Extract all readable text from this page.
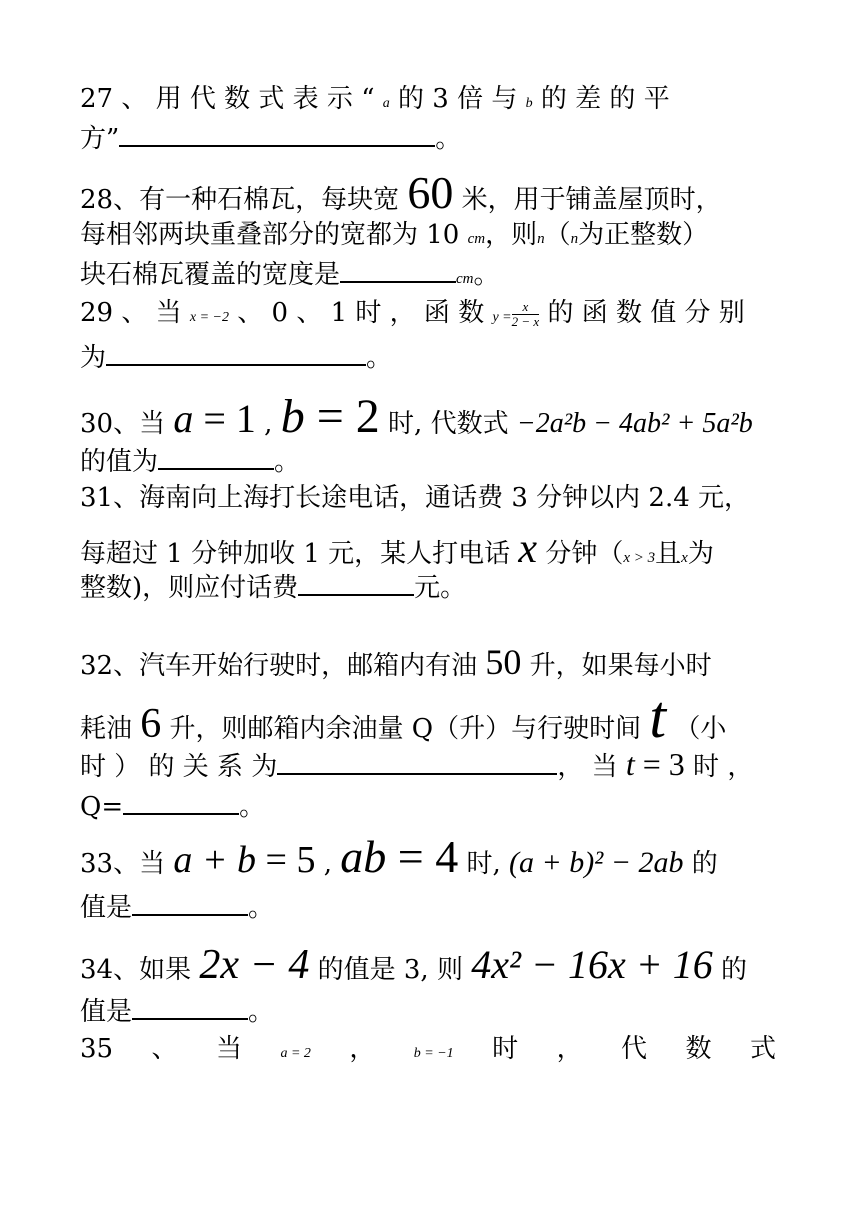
27 、 用 代 数 式 表 示 “ a 的 3 倍 与 b 的 差 的 平
方”	。
28、有一种石棉瓦，每块宽 60 米，用于铺盖屋顶时，
每相邻两块重叠部分的宽都为 10 cm，则n（n为正整数）
块石棉瓦覆盖的宽度是	cm。
29 、 当 x = −2 、 0 、 1 时 ， 函 数 $y = \frac{x}{2 - x}$ 的 函 数 值 分 别
为	。
30、当 a = 1 , b = 2 时, 代数式 −2a²b − 4ab² + 5a²b
的值为	。
31、海南向上海打长途电话，通话费 3 分钟以内 2.4 元，
每超过 1 分钟加收 1 元，某人打电话 x 分钟（x > 3且x为
整数)，则应付话费	元。
32、汽车开始行驶时，邮箱内有油 50 升，如果每小时
耗油 6 升，则邮箱内余油量 Q（升）与行驶时间 t （小
时 ） 的 关 系 为	， 当 t = 3 时 ，
Q=	。
33、当 a + b = 5 , ab = 4 时, (a + b)² − 2ab 的
值是	。
34、如果 2x − 4 的值是 3, 则 4x² − 16x + 16 的
值是	。
35 、 当	a = 2 ，	b = −1 时 ， 代 数 式
